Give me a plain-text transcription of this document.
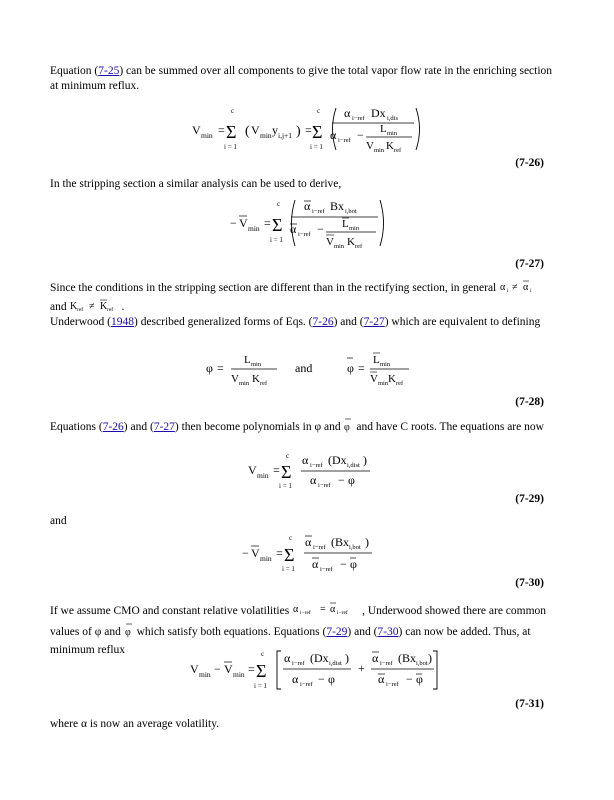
Equation (7-25) can be summed over all components to give the total vapor flow rate in the enriching section at minimum reflux.
V min =
c
Σ
i = 1
( V min y i,j+1 ) =
c
Σ
i = 1
α i−ref Dx i,dis
α i−ref − L min
V min K ref
(7-26)
In the stripping section a similar analysis can be used to derive,
− V min =
c
Σ
i = 1
α i−ref Bx i,bot
α i−ref − L min
V min K ref
(7-27)
Since the conditions in the stripping section are different than in the rectifying section, in general α i ≠ α i

and K ref ≠ K ref .
Underwood (1948) described generalized forms of Eqs. (7-26) and (7-27) which are equivalent to defining
φ =
L min
V min K ref
and	φ =
L min
V min K ref
(7-28)
Equations (7-26) and (7-27) then become polynomials in φ and φ and have C roots. The equations are now
V min =
c
Σ
i = 1
α i−ref ( Dx i,dist )
α i−ref − φ
(7-29)
and
− V min =
c
Σ
i = 1
α i−ref ( Bx i,bot )
α i−ref − φ
(7-30)
If we assume CMO and constant relative volatilities α i−ref = α i−ref , Underwood showed there are common values of φ and φ which satisfy both equations. Equations (7-29) and (7-30) can now be added. Thus, at minimum reflux
V min − V min =
c
Σ
i = 1
α i−ref ( Dx i,dist )
α i−ref − φ
+
α i−ref ( Bx i,bot )
α i−ref − φ
(7-31)
where α is now an average volatility.
